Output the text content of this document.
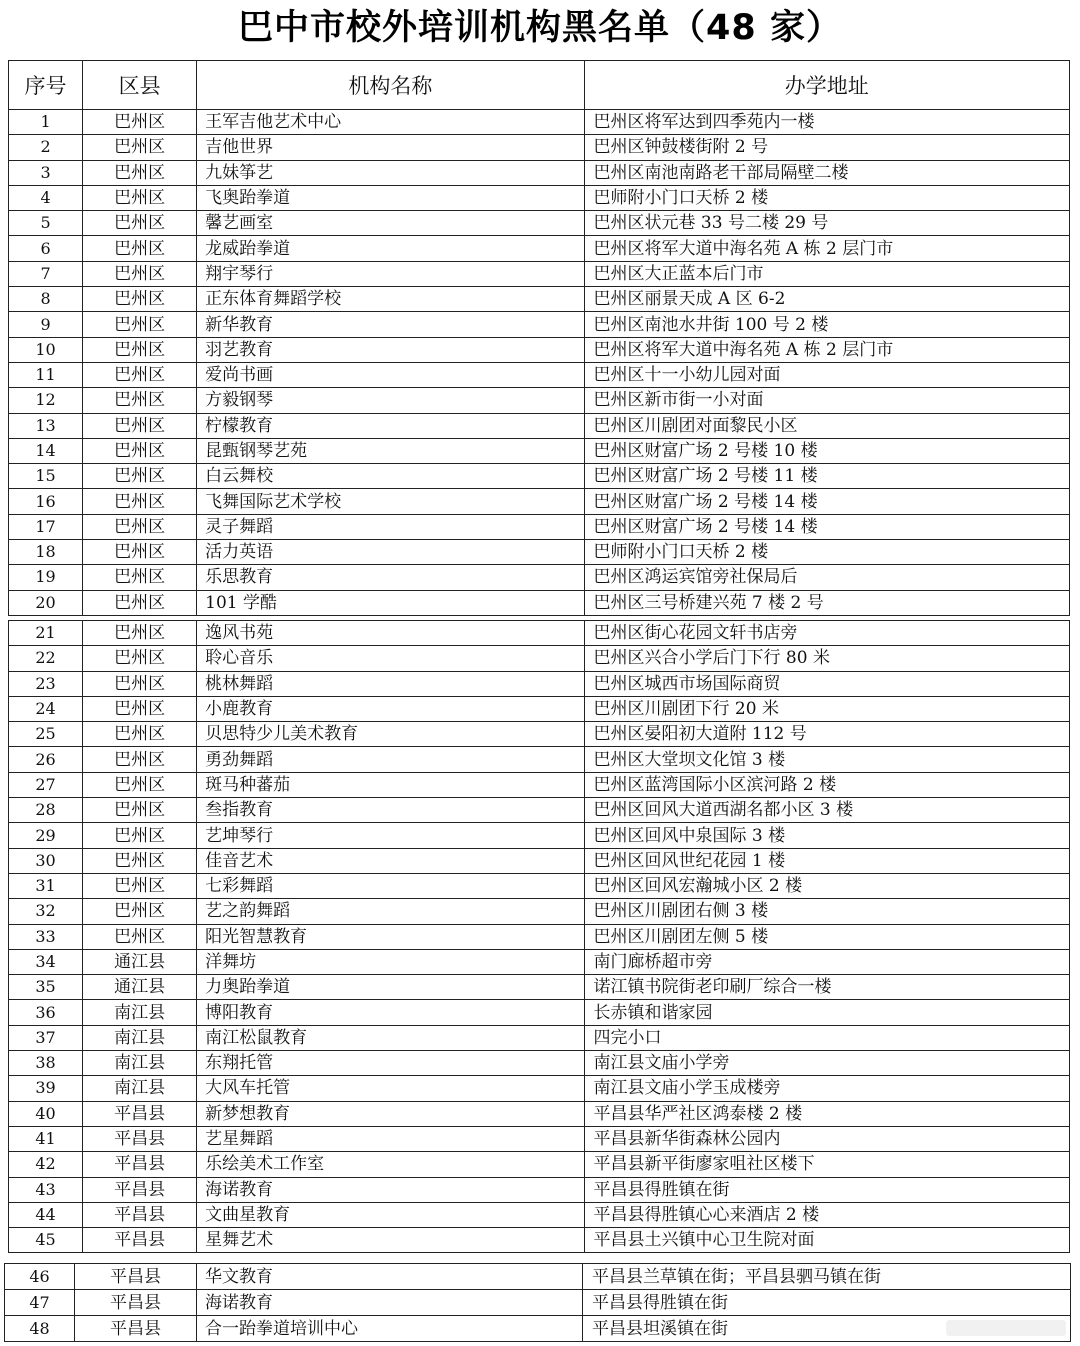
巴中市校外培训机构黑名单（48 家）
序号	区县	机构名称	办学地址
1	巴州区	王军吉他艺术中心	巴州区将军达到四季苑内一楼
2	巴州区	吉他世界	巴州区钟鼓楼街附 2 号
3	巴州区	九妹筝艺	巴州区南池南路老干部局隔壁二楼
4	巴州区	飞奥跆拳道	巴师附小门口天桥 2 楼
5	巴州区	馨艺画室	巴州区状元巷 33 号二楼 29 号
6	巴州区	龙威跆拳道	巴州区将军大道中海名苑 A 栋 2 层门市
7	巴州区	翔宇琴行	巴州区大正蓝本后门市
8	巴州区	正东体育舞蹈学校	巴州区丽景天成 A 区 6-2
9	巴州区	新华教育	巴州区南池水井街 100 号 2 楼
10	巴州区	羽艺教育	巴州区将军大道中海名苑 A 栋 2 层门市
11	巴州区	爱尚书画	巴州区十一小幼儿园对面
12	巴州区	方毅钢琴	巴州区新市街一小对面
13	巴州区	柠檬教育	巴州区川剧团对面黎民小区
14	巴州区	昆甄钢琴艺苑	巴州区财富广场 2 号楼 10 楼
15	巴州区	白云舞校	巴州区财富广场 2 号楼 11 楼
16	巴州区	飞舞国际艺术学校	巴州区财富广场 2 号楼 14 楼
17	巴州区	灵子舞蹈	巴州区财富广场 2 号楼 14 楼
18	巴州区	活力英语	巴师附小门口天桥 2 楼
19	巴州区	乐思教育	巴州区鸿运宾馆旁社保局后
20	巴州区	101 学酷	巴州区三号桥建兴苑 7 楼 2 号
21	巴州区	逸风书苑	巴州区街心花园文轩书店旁
22	巴州区	聆心音乐	巴州区兴合小学后门下行 80 米
23	巴州区	桃林舞蹈	巴州区城西市场国际商贸
24	巴州区	小鹿教育	巴州区川剧团下行 20 米
25	巴州区	贝思特少儿美术教育	巴州区晏阳初大道附 112 号
26	巴州区	勇劲舞蹈	巴州区大堂坝文化馆 3 楼
27	巴州区	斑马种蕃茄	巴州区蓝湾国际小区滨河路 2 楼
28	巴州区	叁指教育	巴州区回风大道西湖名都小区 3 楼
29	巴州区	艺坤琴行	巴州区回风中泉国际 3 楼
30	巴州区	佳音艺术	巴州区回风世纪花园 1 楼
31	巴州区	七彩舞蹈	巴州区回风宏瀚城小区 2 楼
32	巴州区	艺之韵舞蹈	巴州区川剧团右侧 3 楼
33	巴州区	阳光智慧教育	巴州区川剧团左侧 5 楼
34	通江县	洋舞坊	南门廊桥超市旁
35	通江县	力奥跆拳道	诺江镇书院街老印刷厂综合一楼
36	南江县	博阳教育	长赤镇和谐家园
37	南江县	南江松鼠教育	四完小口
38	南江县	东翔托管	南江县文庙小学旁
39	南江县	大风车托管	南江县文庙小学玉成楼旁
40	平昌县	新梦想教育	平昌县华严社区鸿泰楼 2 楼
41	平昌县	艺星舞蹈	平昌县新华街森林公园内
42	平昌县	乐绘美术工作室	平昌县新平街廖家咀社区楼下
43	平昌县	海诺教育	平昌县得胜镇在街
44	平昌县	文曲星教育	平昌县得胜镇心心来酒店 2 楼
45	平昌县	星舞艺术	平昌县土兴镇中心卫生院对面
46	平昌县	华文教育	平昌县兰草镇在街；平昌县驷马镇在街
47	平昌县	海诺教育	平昌县得胜镇在街
48	平昌县	合一跆拳道培训中心	平昌县坦溪镇在街
